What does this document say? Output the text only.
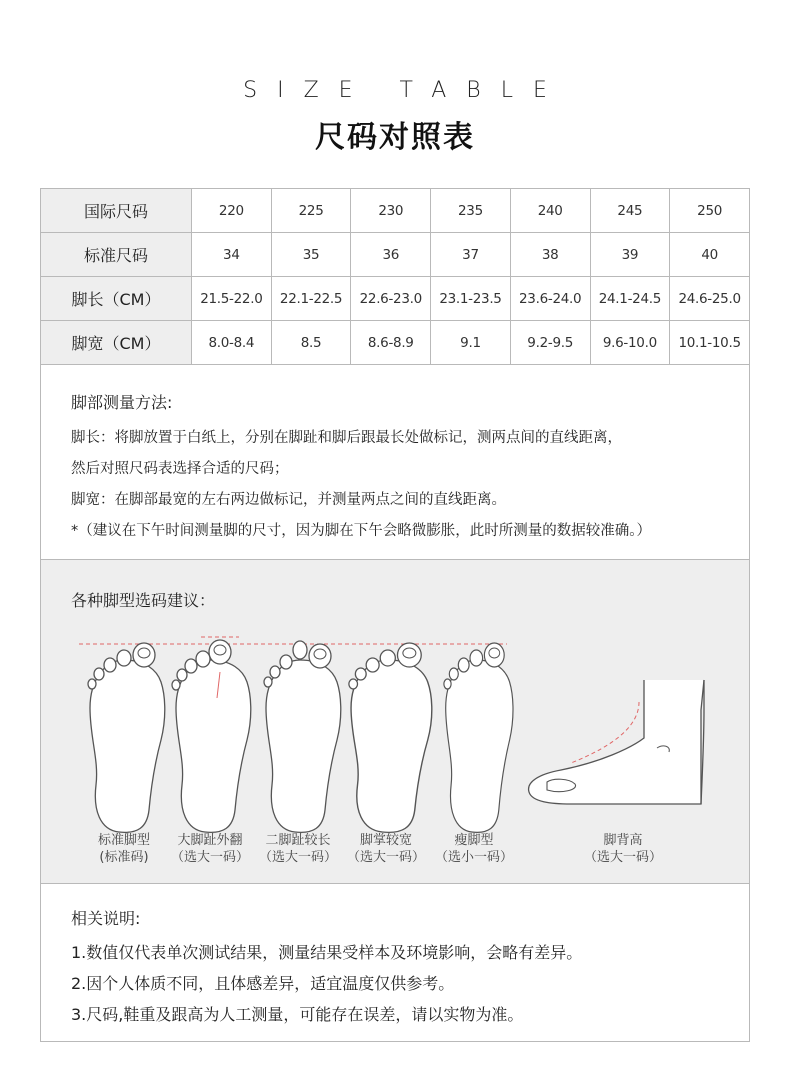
SIZE TABLE
尺码对照表
国际尺码	220	225	230	235	240	245	250
标准尺码	34	35	36	37	38	39	40
脚长（CM）	21.5-22.0	22.1-22.5	22.6-23.0	23.1-23.5	23.6-24.0	24.1-24.5	24.6-25.0
脚宽（CM）	8.0-8.4	8.5	8.6-8.9	9.1	9.2-9.5	9.6-10.0	10.1-10.5
脚部测量方法:
脚长：将脚放置于白纸上，分别在脚趾和脚后跟最长处做标记，测两点间的直线距离，
然后对照尺码表选择合适的尺码；
脚宽：在脚部最宽的左右两边做标记，并测量两点之间的直线距离。
*（建议在下午时间测量脚的尺寸，因为脚在下午会略微膨胀，此时所测量的数据较准确。）
各种脚型选码建议：
标准脚型
(标准码)
大脚趾外翻
（选大一码）
二脚趾较长
（选大一码）
脚掌较宽
（选大一码）
瘦脚型
（选小一码）
脚背高
（选大一码）
相关说明:
1.数值仅代表单次测试结果，测量结果受样本及环境影响，会略有差异。
2.因个人体质不同，且体感差异，适宜温度仅供参考。
3.尺码,鞋重及跟高为人工测量，可能存在误差，请以实物为准。
